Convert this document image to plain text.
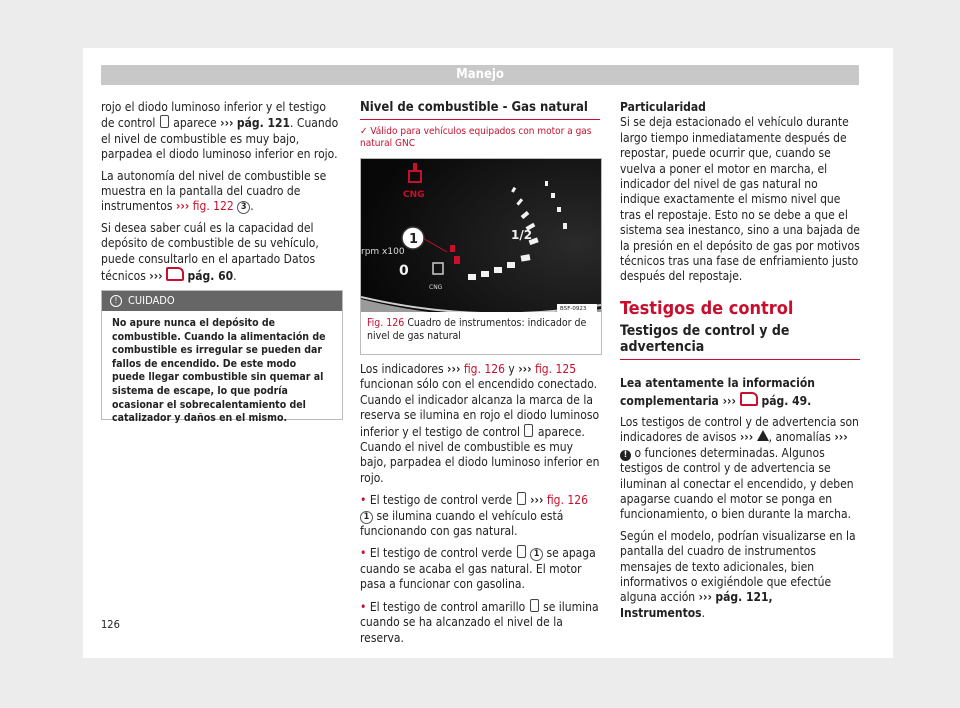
Manejo

rojo el diodo luminoso inferior y el testigo de control aparece ››› pág. 121. Cuando el nivel de combustible es muy bajo, parpadea el diodo luminoso inferior en rojo.

La autonomía del nivel de combustible se muestra en la pantalla del cuadro de instrumentos ››› fig. 122 3 .

Si desea saber cuál es la capacidad del depósito de combustible de su vehículo, puede consultarlo en el apartado Datos técnicos ››› pág. 60.

! CUIDADO
No apure nunca el depósito de combustible. Cuando la alimentación de combustible es irregular se pueden dar fallos de encendido. De este modo puede llegar combustible sin quemar al sistema de escape, lo que podría ocasionar el sobrecalentamiento del catalizador y daños en el mismo.
Nivel de combustible - Gas natural
✓ Válido para vehículos equipados con motor a gas natural GNC
1/2
CNG
rpm x100
0
CNG
1
B5F-0923
Fig. 126 Cuadro de instrumentos: indicador de nivel de gas natural

Los indicadores ››› fig. 126 y ››› fig. 125 funcionan sólo con el encendido conectado. Cuando el indicador alcanza la marca de la reserva se ilumina en rojo el diodo luminoso inferior y el testigo de control aparece. Cuando el nivel de combustible es muy bajo, parpadea el diodo luminoso inferior en rojo.

• El testigo de control verde ››› fig. 126 1 se ilumina cuando el vehículo está funcionando con gas natural.

• El testigo de control verde 1 se apaga cuando se acaba el gas natural. El motor pasa a funcionar con gasolina.

• El testigo de control amarillo se ilumina cuando se ha alcanzado el nivel de la reserva.

Particularidad

Si se deja estacionado el vehículo durante largo tiempo inmediatamente después de repostar, puede ocurrir que, cuando se vuelva a poner el motor en marcha, el indicador del nivel de gas natural no indique exactamente el mismo nivel que tras el repostaje. Esto no se debe a que el sistema sea inestanco, sino a una bajada de la presión en el depósito de gas por motivos técnicos tras una fase de enfriamiento justo después del repostaje.

Testigos de control
Testigos de control y de advertencia

Lea atentamente la información complementaria ››› pág. 49.

Los testigos de control y de advertencia son indicadores de avisos ››› , anomalías ››› ! o funciones determinadas. Algunos testigos de control y de advertencia se iluminan al conectar el encendido, y deben apagarse cuando el motor se ponga en funcionamiento, o bien durante la marcha.

Según el modelo, podrían visualizarse en la pantalla del cuadro de instrumentos mensajes de texto adicionales, bien informativos o exigiéndole que efectúe alguna acción ››› pág. 121, Instrumentos.

126
